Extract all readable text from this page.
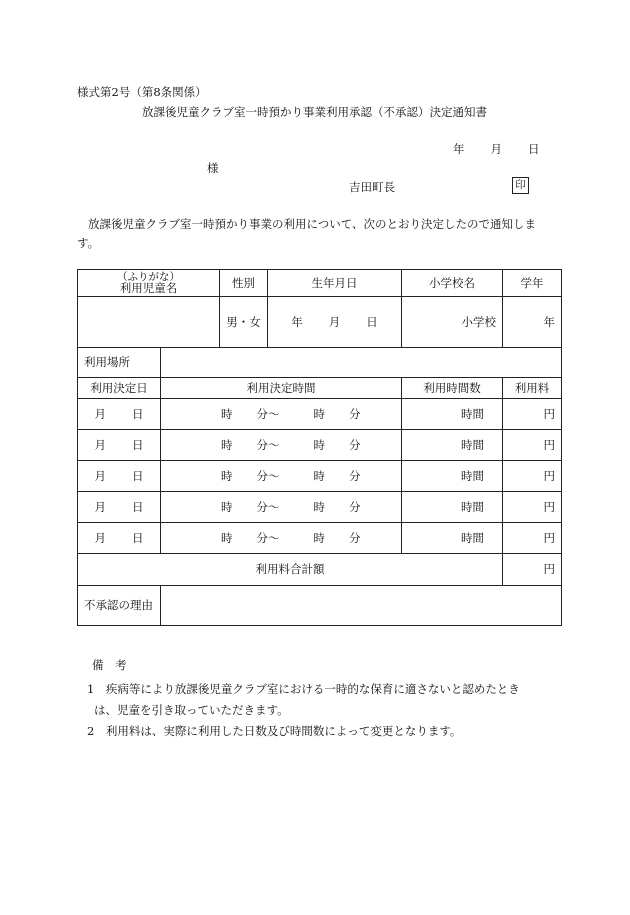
様式第2号（第8条関係）
放課後児童クラブ室一時預かり事業利用承認（不承認）決定通知書
年 月 日
様
吉田町長	印
放課後児童クラブ室一時預かり事業の利用について、次のとおり決定したので通知します。
（ふりがな）
利用児童名		性別	生年月日	小学校名	学年
		男・女	年 月 日	小学校	年
利用場所					
利用決定日	利用決定時間			利用時間数	利用料
月 日	時 分～ 時 分			時間	円
月 日	時 分～ 時 分			時間	円
月 日	時 分～ 時 分			時間	円
月 日	時 分～ 時 分			時間	円
月 日	時 分～ 時 分			時間	円
利用料合計額					円
不承認の理由					
備　考
1　疾病等により放課後児童クラブ室における一時的な保育に適さないと認めたとき
は、児童を引き取っていただきます。
2　利用料は、実際に利用した日数及び時間数によって変更となります。
